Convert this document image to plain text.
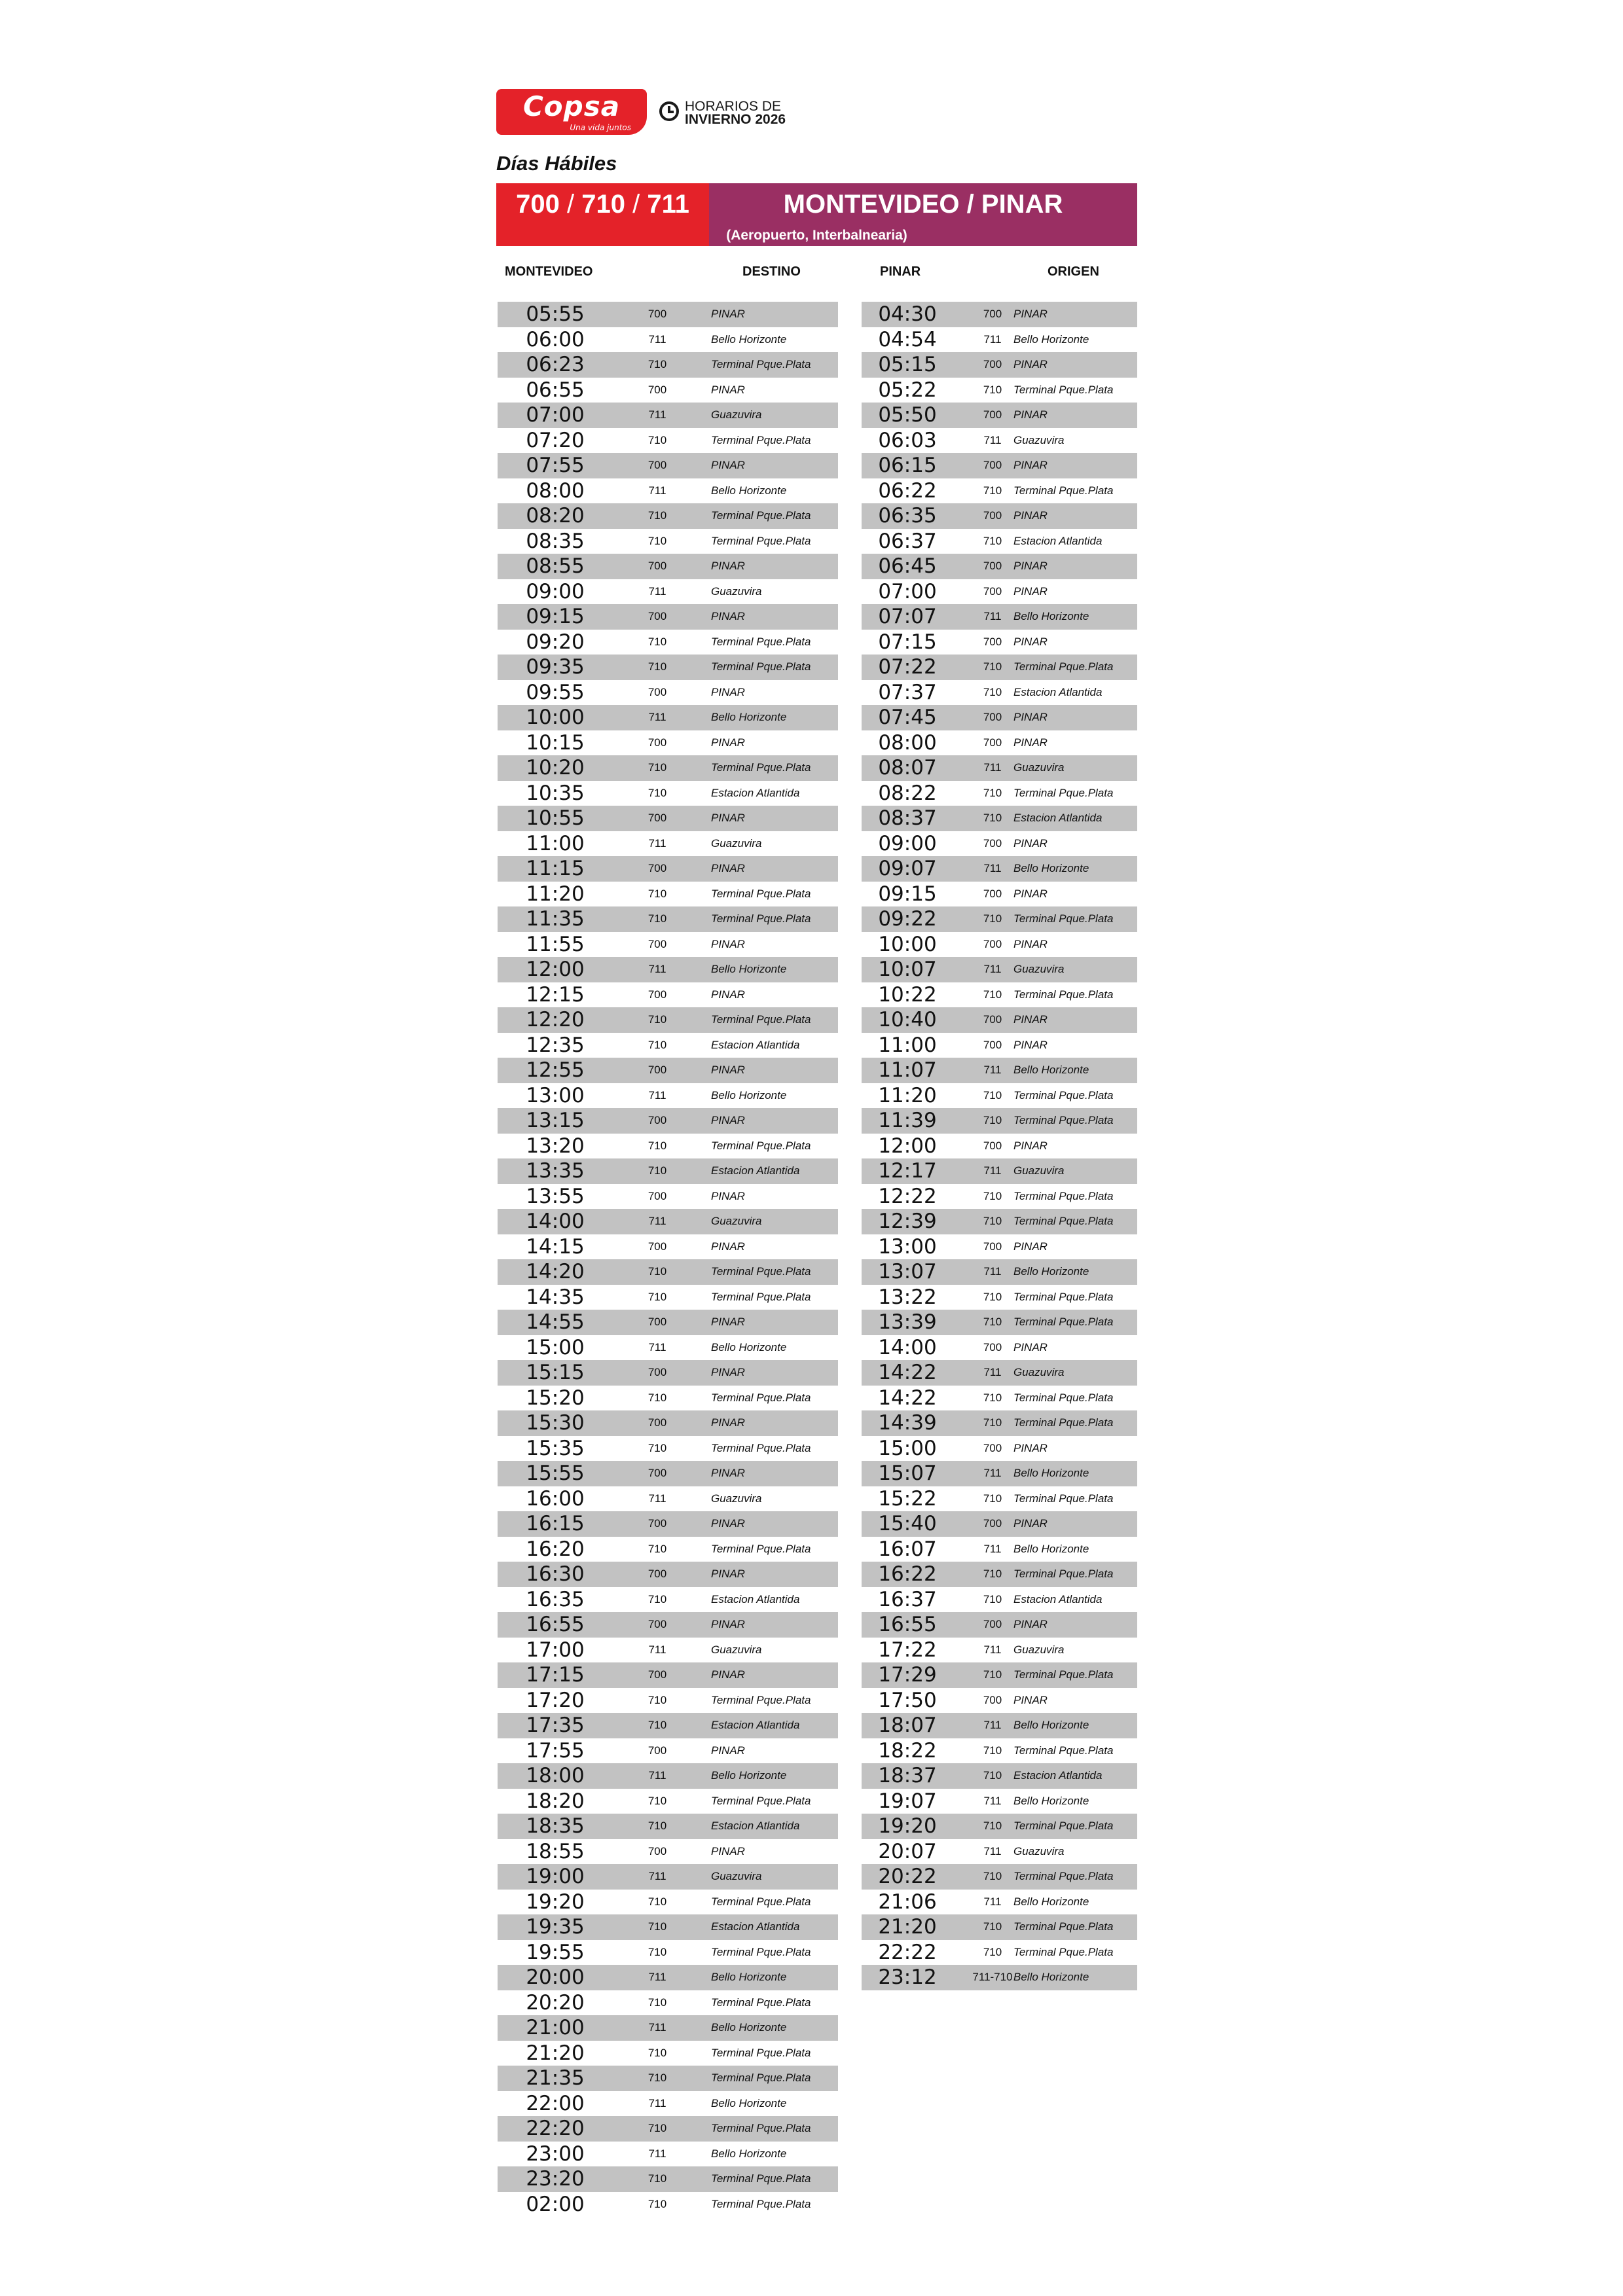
Copsa
Una vida juntos
HORARIOS DE
INVIERNO 2026
Días Hábiles
700 / 710 / 711	MONTEVIDEO / PINAR
(Aeropuerto, Interbalnearia)
MONTEVIDEO	DESTINO	PINAR	ORIGEN
05:55	700	PINAR
06:00	711	Bello Horizonte
06:23	710	Terminal Pque.Plata
06:55	700	PINAR
07:00	711	Guazuvira
07:20	710	Terminal Pque.Plata
07:55	700	PINAR
08:00	711	Bello Horizonte
08:20	710	Terminal Pque.Plata
08:35	710	Terminal Pque.Plata
08:55	700	PINAR
09:00	711	Guazuvira
09:15	700	PINAR
09:20	710	Terminal Pque.Plata
09:35	710	Terminal Pque.Plata
09:55	700	PINAR
10:00	711	Bello Horizonte
10:15	700	PINAR
10:20	710	Terminal Pque.Plata
10:35	710	Estacion Atlantida
10:55	700	PINAR
11:00	711	Guazuvira
11:15	700	PINAR
11:20	710	Terminal Pque.Plata
11:35	710	Terminal Pque.Plata
11:55	700	PINAR
12:00	711	Bello Horizonte
12:15	700	PINAR
12:20	710	Terminal Pque.Plata
12:35	710	Estacion Atlantida
12:55	700	PINAR
13:00	711	Bello Horizonte
13:15	700	PINAR
13:20	710	Terminal Pque.Plata
13:35	710	Estacion Atlantida
13:55	700	PINAR
14:00	711	Guazuvira
14:15	700	PINAR
14:20	710	Terminal Pque.Plata
14:35	710	Terminal Pque.Plata
14:55	700	PINAR
15:00	711	Bello Horizonte
15:15	700	PINAR
15:20	710	Terminal Pque.Plata
15:30	700	PINAR
15:35	710	Terminal Pque.Plata
15:55	700	PINAR
16:00	711	Guazuvira
16:15	700	PINAR
16:20	710	Terminal Pque.Plata
16:30	700	PINAR
16:35	710	Estacion Atlantida
16:55	700	PINAR
17:00	711	Guazuvira
17:15	700	PINAR
17:20	710	Terminal Pque.Plata
17:35	710	Estacion Atlantida
17:55	700	PINAR
18:00	711	Bello Horizonte
18:20	710	Terminal Pque.Plata
18:35	710	Estacion Atlantida
18:55	700	PINAR
19:00	711	Guazuvira
19:20	710	Terminal Pque.Plata
19:35	710	Estacion Atlantida
19:55	710	Terminal Pque.Plata
20:00	711	Bello Horizonte
20:20	710	Terminal Pque.Plata
21:00	711	Bello Horizonte
21:20	710	Terminal Pque.Plata
21:35	710	Terminal Pque.Plata
22:00	711	Bello Horizonte
22:20	710	Terminal Pque.Plata
23:00	711	Bello Horizonte
23:20	710	Terminal Pque.Plata
02:00	710	Terminal Pque.Plata
04:30	700	PINAR
04:54	711	Bello Horizonte
05:15	700	PINAR
05:22	710	Terminal Pque.Plata
05:50	700	PINAR
06:03	711	Guazuvira
06:15	700	PINAR
06:22	710	Terminal Pque.Plata
06:35	700	PINAR
06:37	710	Estacion Atlantida
06:45	700	PINAR
07:00	700	PINAR
07:07	711	Bello Horizonte
07:15	700	PINAR
07:22	710	Terminal Pque.Plata
07:37	710	Estacion Atlantida
07:45	700	PINAR
08:00	700	PINAR
08:07	711	Guazuvira
08:22	710	Terminal Pque.Plata
08:37	710	Estacion Atlantida
09:00	700	PINAR
09:07	711	Bello Horizonte
09:15	700	PINAR
09:22	710	Terminal Pque.Plata
10:00	700	PINAR
10:07	711	Guazuvira
10:22	710	Terminal Pque.Plata
10:40	700	PINAR
11:00	700	PINAR
11:07	711	Bello Horizonte
11:20	710	Terminal Pque.Plata
11:39	710	Terminal Pque.Plata
12:00	700	PINAR
12:17	711	Guazuvira
12:22	710	Terminal Pque.Plata
12:39	710	Terminal Pque.Plata
13:00	700	PINAR
13:07	711	Bello Horizonte
13:22	710	Terminal Pque.Plata
13:39	710	Terminal Pque.Plata
14:00	700	PINAR
14:22	711	Guazuvira
14:22	710	Terminal Pque.Plata
14:39	710	Terminal Pque.Plata
15:00	700	PINAR
15:07	711	Bello Horizonte
15:22	710	Terminal Pque.Plata
15:40	700	PINAR
16:07	711	Bello Horizonte
16:22	710	Terminal Pque.Plata
16:37	710	Estacion Atlantida
16:55	700	PINAR
17:22	711	Guazuvira
17:29	710	Terminal Pque.Plata
17:50	700	PINAR
18:07	711	Bello Horizonte
18:22	710	Terminal Pque.Plata
18:37	710	Estacion Atlantida
19:07	711	Bello Horizonte
19:20	710	Terminal Pque.Plata
20:07	711	Guazuvira
20:22	710	Terminal Pque.Plata
21:06	711	Bello Horizonte
21:20	710	Terminal Pque.Plata
22:22	710	Terminal Pque.Plata
23:12	711-710 Bello Horizonte
